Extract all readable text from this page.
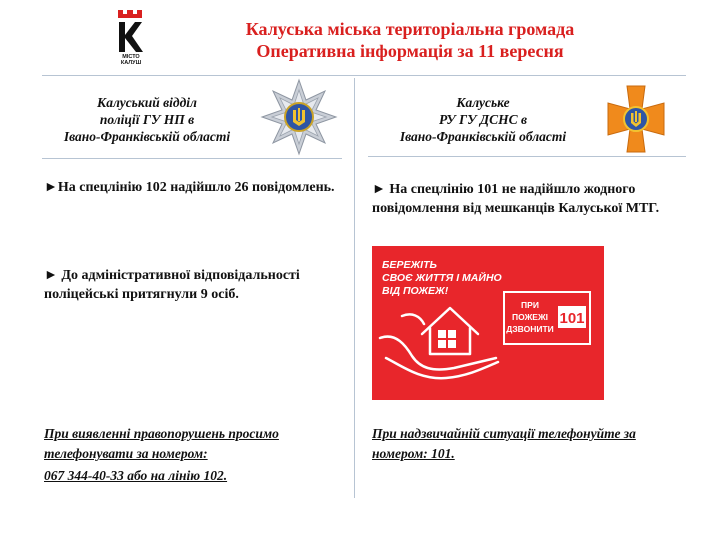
МІСТО
КАЛУШ
Калуська міська територіальна громада
Оперативна інформація за 11 вересня
Калуський відділ
поліції ГУ НП в
Івано-Франківській області
►На спецлінію 102 надійшло 26 повідомлень.
► До адміністративної відповідальності поліцейські притягнули 9 осіб.
При виявленні правопорушень просимо телефонувати за номером:
067 344-40-33 або на лінію 102.
Калуське
РУ ГУ ДСНС в
Івано-Франківській області
► На спецлінію 101 не надійшло жодного повідомлення від мешканців Калуської МТГ.
БЕРЕЖІТЬ
СВОЄ ЖИТТЯ І МАЙНО
ВІД ПОЖЕЖ!
ПРИ
ПОЖЕЖІ
ДЗВОНИТИ
101
При надзвичайній ситуації телефонуйте за номером: 101.
